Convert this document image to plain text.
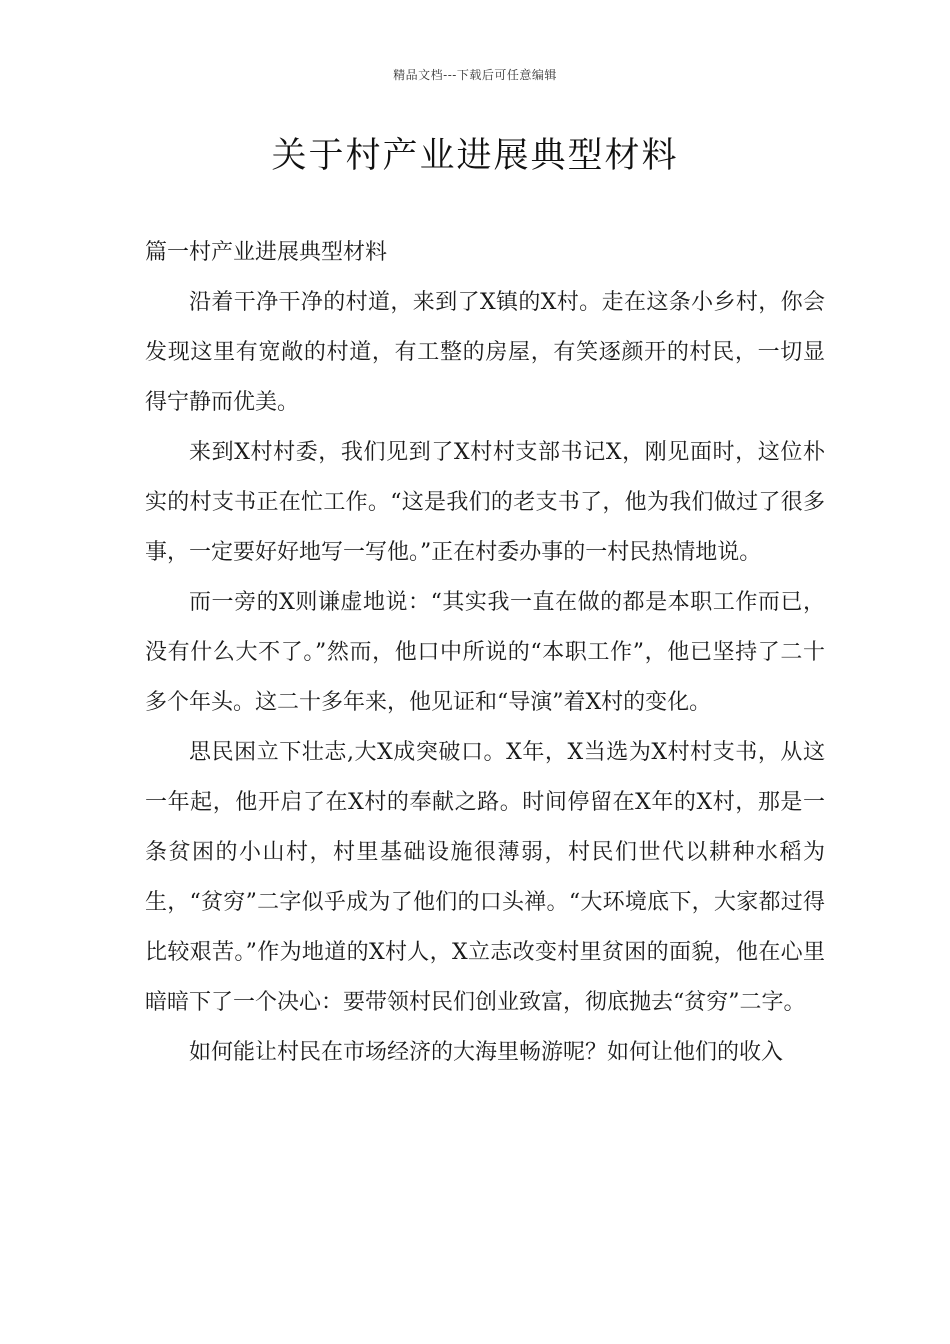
精品文档---下载后可任意编辑
关于村产业进展典型材料

篇一村产业进展典型材料

沿着干净干净的村道，来到了X镇的X村。走在这条小乡村，你会发现这里有宽敞的村道，有工整的房屋，有笑逐颜开的村民，一切显得宁静而优美。

来到X村村委，我们见到了X村村支部书记X，刚见面时，这位朴实的村支书正在忙工作。“这是我们的老支书了，他为我们做过了很多事，一定要好好地写一写他。”正在村委办事的一村民热情地说。

而一旁的X则谦虚地说：“其实我一直在做的都是本职工作而已，没有什么大不了。”然而，他口中所说的“本职工作”，他已坚持了二十多个年头。这二十多年来，他见证和“导演”着X村的变化。

思民困立下壮志,大X成突破口。X年，X当选为X村村支书，从这一年起，他开启了在X村的奉献之路。时间停留在X年的X村，那是一条贫困的小山村，村里基础设施很薄弱，村民们世代以耕种水稻为生，“贫穷”二字似乎成为了他们的口头禅。“大环境底下，大家都过得比较艰苦。”作为地道的X村人，X立志改变村里贫困的面貌，他在心里暗暗下了一个决心：要带领村民们创业致富，彻底抛去“贫穷”二字。

如何能让村民在市场经济的大海里畅游呢？如何让他们的收入
